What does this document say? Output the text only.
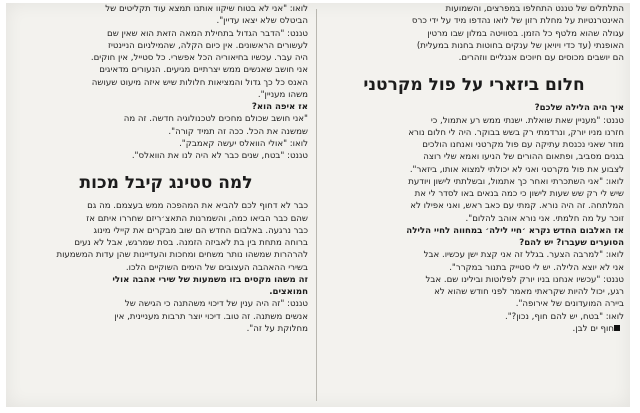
התלתלים של טננט התחלפו במפרצים, והשמועות
האינטרנטיות על מחלת רזון של לואו נהדפו מיד על ידי כרס
עגולה שהוא מלטף כל הזמן. בסוויטה במלון שבו מרטין
האופנתי (עד כדי ויויאן של ענקים בחוטות בחנות במעלית)
הם יושבים מכוסים עם חיוכים אנגליים ווזהרים.
חלום ביזארי על פול מקרטני
איך היה הלילה שלכם?
טננט: "מעניין שאת שואלת. ישנתי ממש רע אתמול, כי
חזרנו מניו יורק, ונרדמתי רק בשש בבוקר. היה לי חלום נורא
מוזר שאני נכנסת עתיקה עם פול מקרטני ואנחנו הולכים
בגנים מסביב, ופתאום ההורים של הניעו ואמא שלי רוצה
לצבוע את פול מקרטני ואני לא יכולתי למצוא אותו, ביזאר".
לואו: "אני השתכרתי ואחר כך אתמול, ובשלתתי לישון ויודעת
שיש לי רק שש שעות לישון כי כמה בנאים באו לסדר לי את
המלתחה. זה היה נורא. קמתי עם כאב ראש, ואני אפילו לא
זוכר על מה חלמתי. אני נורא אוהב להלום".
אז האלבום החדש נקרא ׳חיי לילה׳ במחווה לחיי הלילה
הסוערים שעברו? יש להם?
לואו: "למרבה הצער. בגלל זה אני קצת ישן עכשיו. אבל
אני לא יוצא הלילה. יש לי סטייק בתנור במקרר".
טננט: "עכשיו אנחנו בניו יורק לפלוטות ובילינו שם. אבל
רגע, יכול להיות שקראתי מאמר לפני חודש שהוא לא
ביירה המועדונים של אירופה".
לואו: "בטח, יש להם חוף, נכון?".
חוף ים לבן.
לואו: "אני לא בטוח שיקוו אותנו תמצא עוד תקליטים של
הביטלס שלא יצאו עדיין".
טננט: "הדבר הגדול בתחילת המאה הזאת הוא שאין שם
לעשורים הראשונים. אין כיום הקלה, שהמילניום הניינטיז
היה עבר. עכשיו בחיאוריה הכל אפשרי. כל סטייל, אין חוקים.
אני חושב שאנשים ממש יצרתיים מגיעים. הנעורים מדאיגים
האנס כל כך גדול והמציאות חלולות שיש איזה מיעוט שעושה
משהו מעניין".
אז איפה הוא?
"אני חושב שכולם מחכים לטכנולוגיה חדשה. זה מה
שמשנה את הכל. ככה זה תמיד קורה".
לואו: "אולי הוואלס יעשה קאמבק".
טננט: "בטח, שנים כבר לא היה לנו את הוואלס".
למה סטינג קיבל מכות
כבר לא דחוף לכם להביא את המהפכה ממש בעצמם. מה גם
שהם כבר הביאו כמה, והשמרנות התאצ׳ריזם שחררו איתם אז
כבר נרגעה. באלבום החדש הם שוב מבקרים את קיילי מינוג
ברוחה מתחת בין בת לאביזה הזמנה. בסת שמרגש, אבל לא נעים
להרהרות שמשהו נותר משחים ומחכות והעדיינות שהן עדות המשמעות
בשירי ההאהבה העצובים של הימים השוקיים הלכו.
זה משהו מקסים בזו משמעות של שירי אהבה אולי
חמואצים.
טננט: "זה היה ענין של דיכוי משהתנה כי הגישה של
אנשים משתנה. זה טוב. דיכוי יוצר תרבות מעניינית, אין
מחלוקת על זה".
